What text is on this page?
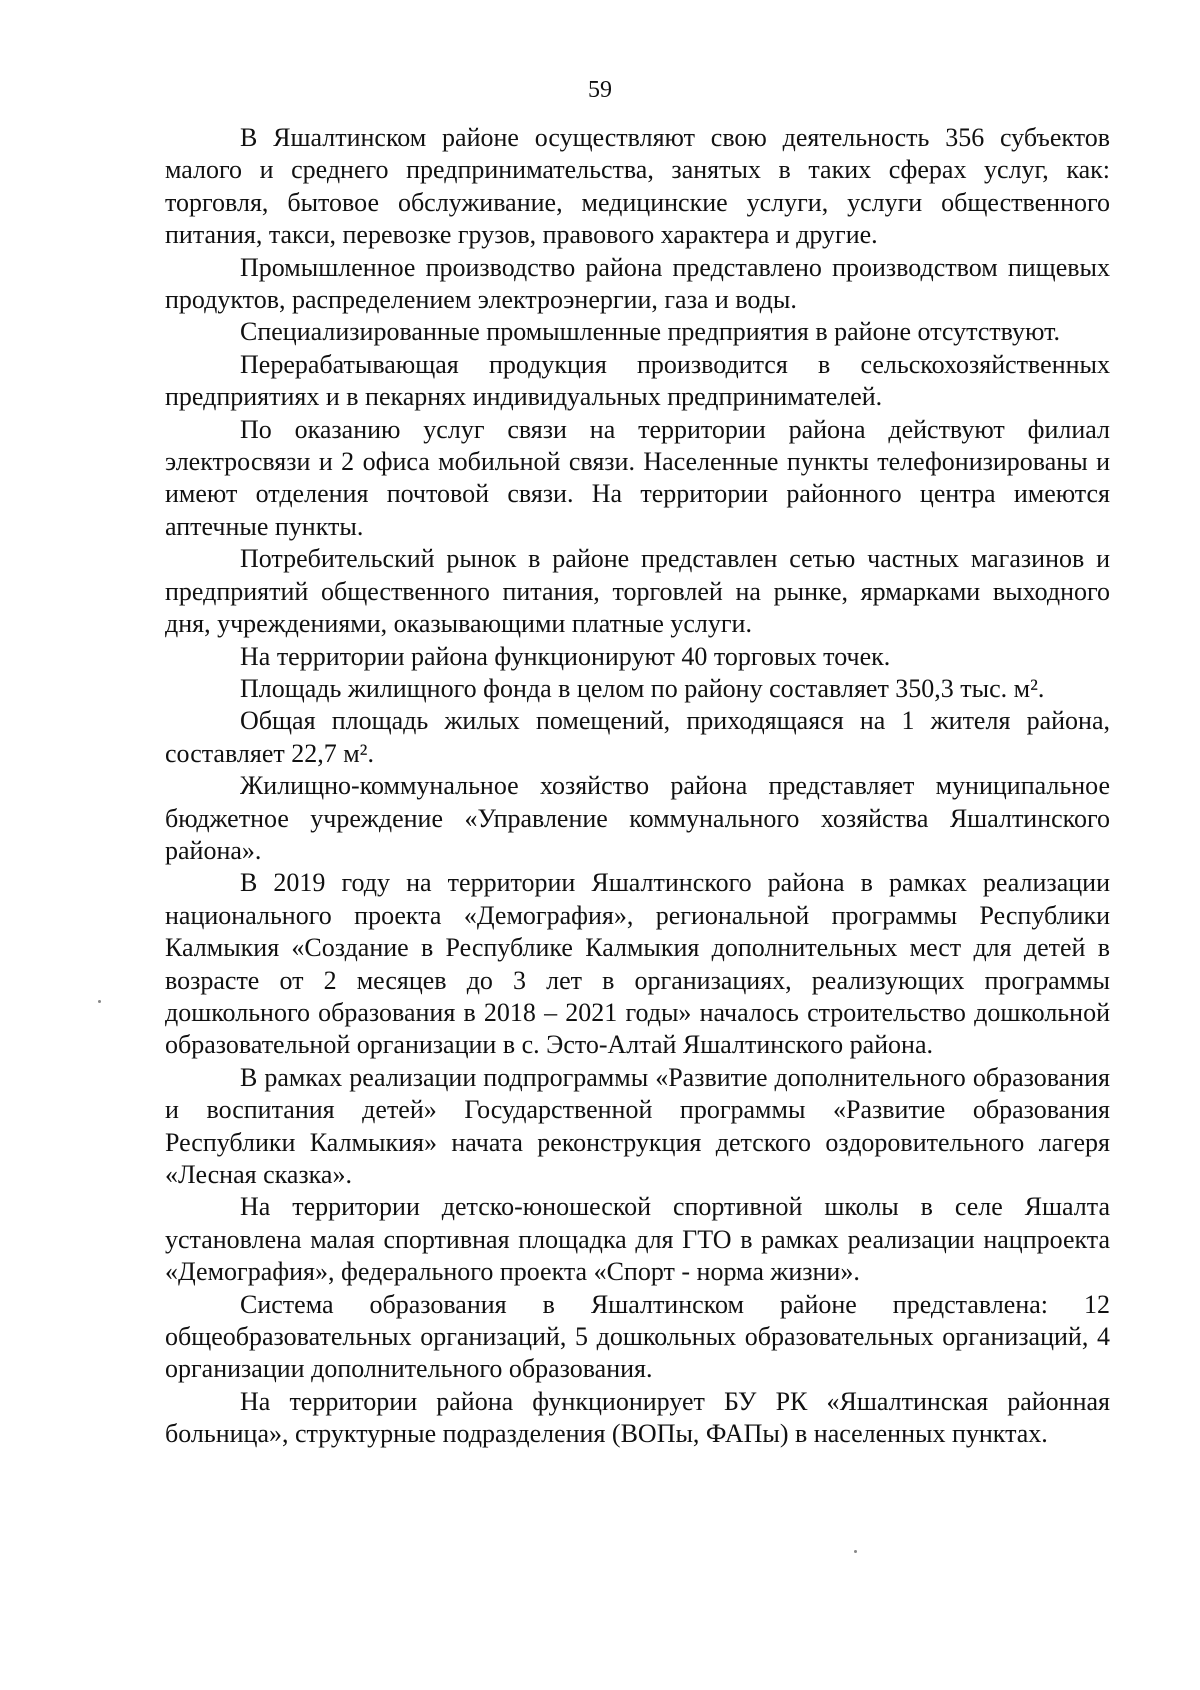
59

В Яшалтинском районе осуществляют свою деятельность 356 субъектов малого и среднего предпринимательства, занятых в таких сферах услуг, как: торговля, бытовое обслуживание, медицинские услуги, услуги общественного питания, такси, перевозке грузов, правового характера и другие.

Промышленное производство района представлено производством пищевых продуктов, распределением электроэнергии, газа и воды.

Специализированные промышленные предприятия в районе отсутствуют.

Перерабатывающая продукция производится в сельскохозяйственных предприятиях и в пекарнях индивидуальных предпринимателей.

По оказанию услуг связи на территории района действуют филиал электросвязи и 2 офиса мобильной связи. Населенные пункты телефонизированы и имеют отделения почтовой связи. На территории районного центра имеются аптечные пункты.

Потребительский рынок в районе представлен сетью частных магазинов и предприятий общественного питания, торговлей на рынке, ярмарками выходного дня, учреждениями, оказывающими платные услуги.

На территории района функционируют 40 торговых точек.

Площадь жилищного фонда в целом по району составляет 350,3 тыс. м².

Общая площадь жилых помещений, приходящаяся на 1 жителя района, составляет 22,7 м².

Жилищно-коммунальное хозяйство района представляет муниципальное бюджетное учреждение «Управление коммунального хозяйства Яшалтинского района».

В 2019 году на территории Яшалтинского района в рамках реализации национального проекта «Демография», региональной программы Республики Калмыкия «Создание в Республике Калмыкия дополнительных мест для детей в возрасте от 2 месяцев до 3 лет в организациях, реализующих программы дошкольного образования в 2018 – 2021 годы» началось строительство дошкольной образовательной организации в с. Эсто-Алтай Яшалтинского района.

В рамках реализации подпрограммы «Развитие дополнительного образования и воспитания детей» Государственной программы «Развитие образования Республики Калмыкия» начата реконструкция детского оздоровительного лагеря «Лесная сказка».

На территории детско-юношеской спортивной школы в селе Яшалта установлена малая спортивная площадка для ГТО в рамках реализации нацпроекта «Демография», федерального проекта «Спорт - норма жизни».

Система образования в Яшалтинском районе представлена: 12 общеобразовательных организаций, 5 дошкольных образовательных организаций, 4 организации дополнительного образования.

На территории района функционирует БУ РК «Яшалтинская районная больница», структурные подразделения (ВОПы, ФАПы) в населенных пунктах.
